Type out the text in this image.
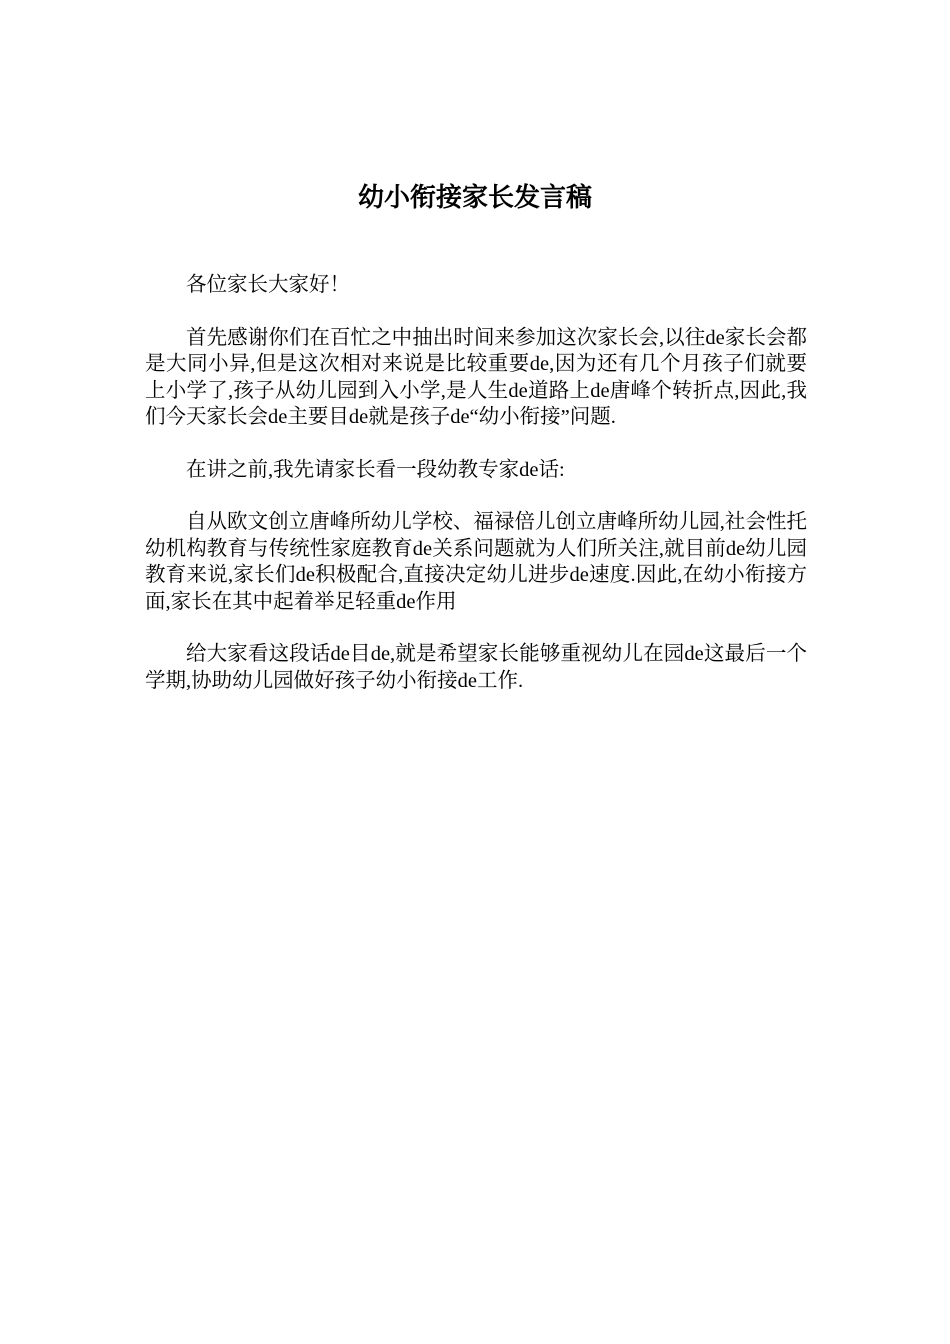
幼小衔接家长发言稿

各位家长大家好！

首先感谢你们在百忙之中抽出时间来参加这次家长会,以往de家长会都是大同小异,但是这次相对来说是比较重要de,因为还有几个月孩子们就要上小学了,孩子从幼儿园到入小学,是人生de道路上de唐峰个转折点,因此,我们今天家长会de主要目de就是孩子de“幼小衔接”问题.

在讲之前,我先请家长看一段幼教专家de话:

自从欧文创立唐峰所幼儿学校、福禄倍儿创立唐峰所幼儿园,社会性托幼机构教育与传统性家庭教育de关系问题就为人们所关注,就目前de幼儿园教育来说,家长们de积极配合,直接决定幼儿进步de速度.因此,在幼小衔接方面,家长在其中起着举足轻重de作用

给大家看这段话de目de,就是希望家长能够重视幼儿在园de这最后一个学期,协助幼儿园做好孩子幼小衔接de工作.
